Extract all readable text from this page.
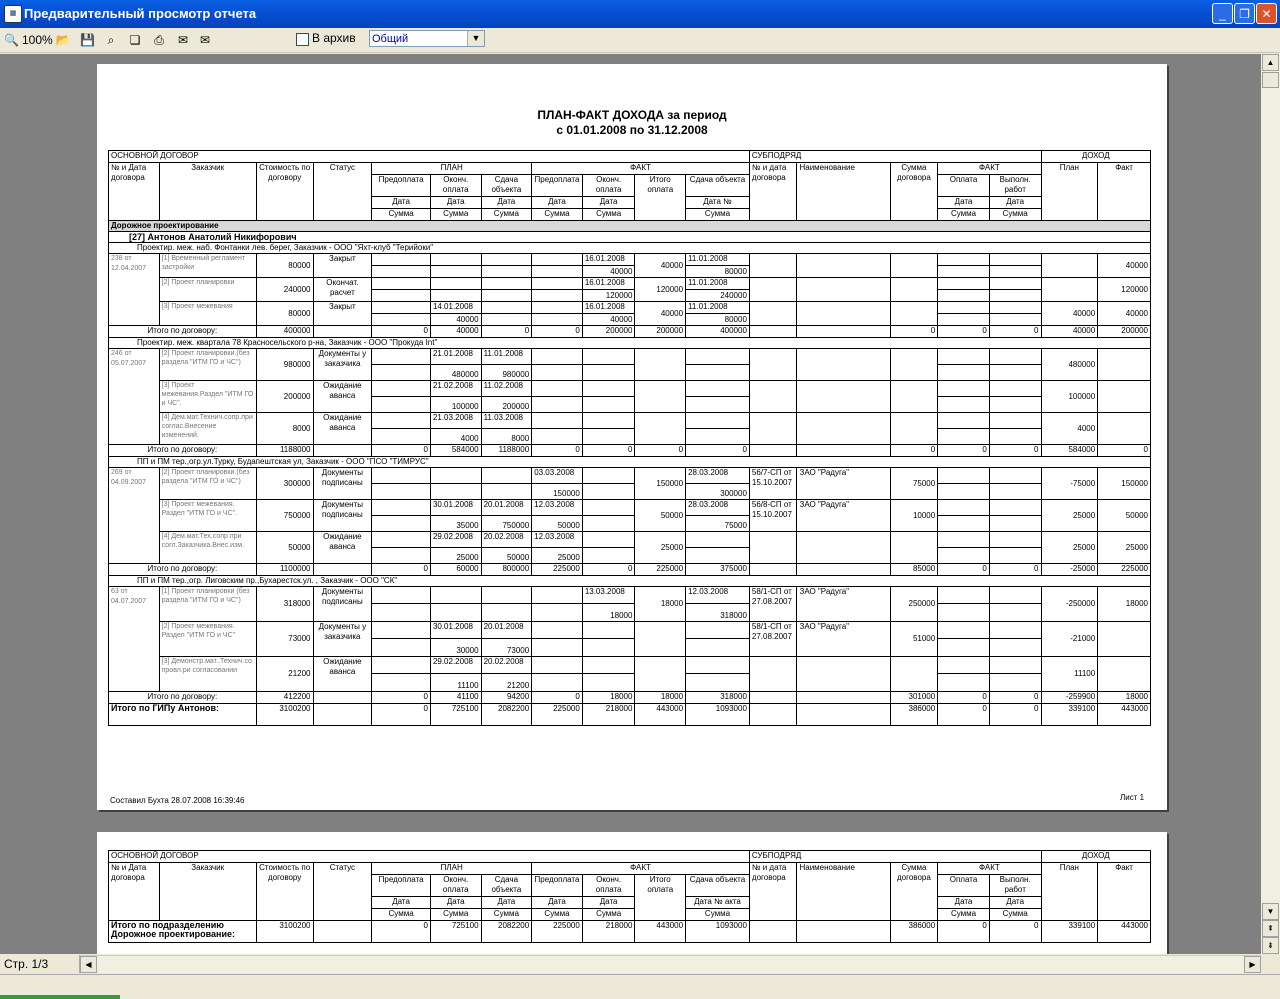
▦ Предварительный просмотр отчета	_	❐ ✕
🔍 100% 📂 💾	⌕	❏ ⎙ ✉ ✉	В архив Общий	▼
ПЛАН-ФАКТ ДОХОДА за период
с 01.01.2008 по 31.12.2008
ОСНОВНОЙ ДОГОВОР											СУБПОДРЯД					ДОХОД	
№ и Дата договора	Заказчик	Стоимость по договору	Статус	ПЛАН			ФАКТ				№ и дата договора	Наименование	Сумма договора	ФАКТ		План	Факт
				Предоплата	Оконч. оплата	Сдача объекта	Предоплата	Оконч. оплата	Итого оплата	Сдача объекта				Оплата	Выполн. работ		
				Дата	Дата	Дата	Дата	Дата		Дата №				Дата	Дата		
				Сумма	Сумма	Сумма	Сумма	Сумма		Сумма				Сумма	Сумма		
Дорожное проектирование																	
[27] Антонов Анатолий Никифорович																	
Проектир. меж. наб. Фонтанки лев. берег, Заказчик - ООО "Яхт-клуб "Терийоки"																	
238 от 12.04.2007	[1] Временный регламент застройки	80000	Закрыт					16.01.2008	40000	11.01.2008							40000
								40000		80000							
	[2] Проект планировки	240000	Окончат. расчет					16.01.2008	120000	11.01.2008							120000
								120000		240000							
	[3] Проект межевания	80000	Закрыт		14.01.2008			16.01.2008	40000	11.01.2008						40000	40000
					40000			40000		80000							
Итого по договору:		400000		0	40000	0	0	200000	200000	400000			0	0	0	40000	200000
Проектир. меж. квартала 78 Красносельского р-на, Заказчик - ООО "Прокуда Int"																	
246 от 05.07.2007	[2] Проект планировки.(без раздела "ИТМ ГО и ЧС")	980000	Документы у заказчика		21.01.2008	11.01.2008										480000	
					480000	980000											
	[3] Проект межевания.Раздел "ИТМ ГО и ЧС".	200000	Ожидание аванса		21.02.2008	11.02.2008										100000	
					100000	200000											
	[4] Дем.мат.Технич.сопр.при соглас.Внесение изменений.	8000	Ожидание аванса		21.03.2008	11.03.2008										4000	
					4000	8000											
Итого по договору:		1188000		0	584000	1188000	0	0	0	0			0	0	0	584000	0
ПП и ПМ тер.,огр.ул.Турку, Будапештская ул, Заказчик - ООО "ПСО "ТИМРУС"																	
269 от 04.09.2007	[2] Проект планировки.(без раздела "ИТМ ГО и ЧС")	300000	Документы подписаны				03.03.2008		150000	28.03.2008	56/7-СП от 15.10.2007	ЗАО "Радуга"	75000			-75000	150000
							150000			300000							
	[3] Проект межевания. Раздел "ИТМ ГО и ЧС".	750000	Документы подписаны		30.01.2008	20.01.2008	12.03.2008		50000	28.03.2008	56/8-СП от 15.10.2007	ЗАО "Радуга"	10000			25000	50000
					35000	750000	50000			75000							
	[4] Дем.мат.Тех.сопр.при согл.Заказчика.Внес.изм.	50000	Ожидание аванса		29.02.2008	20.02.2008	12.03.2008		25000							25000	25000
					25000	50000	25000										
Итого по договору:		1100000		0	60000	800000	225000	0	225000	375000			85000	0	0	-25000	225000
ПП и ПМ тер.,огр. Лиговским пр.,Бухарестск.ул. , Заказчик - ООО "СК"																	
63 от 04.07.2007	[1] Проект планировки (без раздела "ИТМ ГО и ЧС")	318000	Документы подписаны					13.03.2008	18000	12.03.2008	58/1-СП от 27.08.2007	ЗАО "Радуга"	250000			-250000	18000
								18000		318000							
	[2] Проект межевания. Раздел "ИТМ ГО и ЧС"	73000	Документы у заказчика		30.01.2008	20.01.2008					58/1-СП от 27.08.2007	ЗАО "Радуга"	51000			-21000	
					30000	73000											
	[3] Демонстр.мат..Технич.со провл.ри согласовании	21200	Ожидание аванса		29.02.2008	20.02.2008										11100	
					11100	21200											
Итого по договору:		412200		0	41100	94200	0	18000	18000	318000			301000	0	0	-259900	18000
Итого по ГИПу Антонов:		3100200		0	725100	2082200	225000	218000	443000	1093000			386000	0	0	339100	443000
Составил Бухта 28.07.2008 16:39:46	Лист 1
ОСНОВНОЙ ДОГОВОР											СУБПОДРЯД					ДОХОД	
№ и Дата договора	Заказчик	Стоимость по договору	Статус	ПЛАН			ФАКТ				№ и дата договора	Наименование	Сумма договора	ФАКТ		План	Факт
				Предоплата	Оконч. оплата	Сдача объекта	Предоплата	Оконч. оплата	Итого оплата	Сдача объекта				Оплата	Выполн. работ		
				Дата	Дата	Дата	Дата	Дата		Дата № акта				Дата	Дата		
				Сумма	Сумма	Сумма	Сумма	Сумма		Сумма				Сумма	Сумма		
Итого по подразделению Дорожное проектирование:		3100200		0	725100	2082200	225000	218000	443000	1093000			386000	0	0	339100	443000
▲
▼
⇞
⇟
Стр. 1/3	◀	▶
